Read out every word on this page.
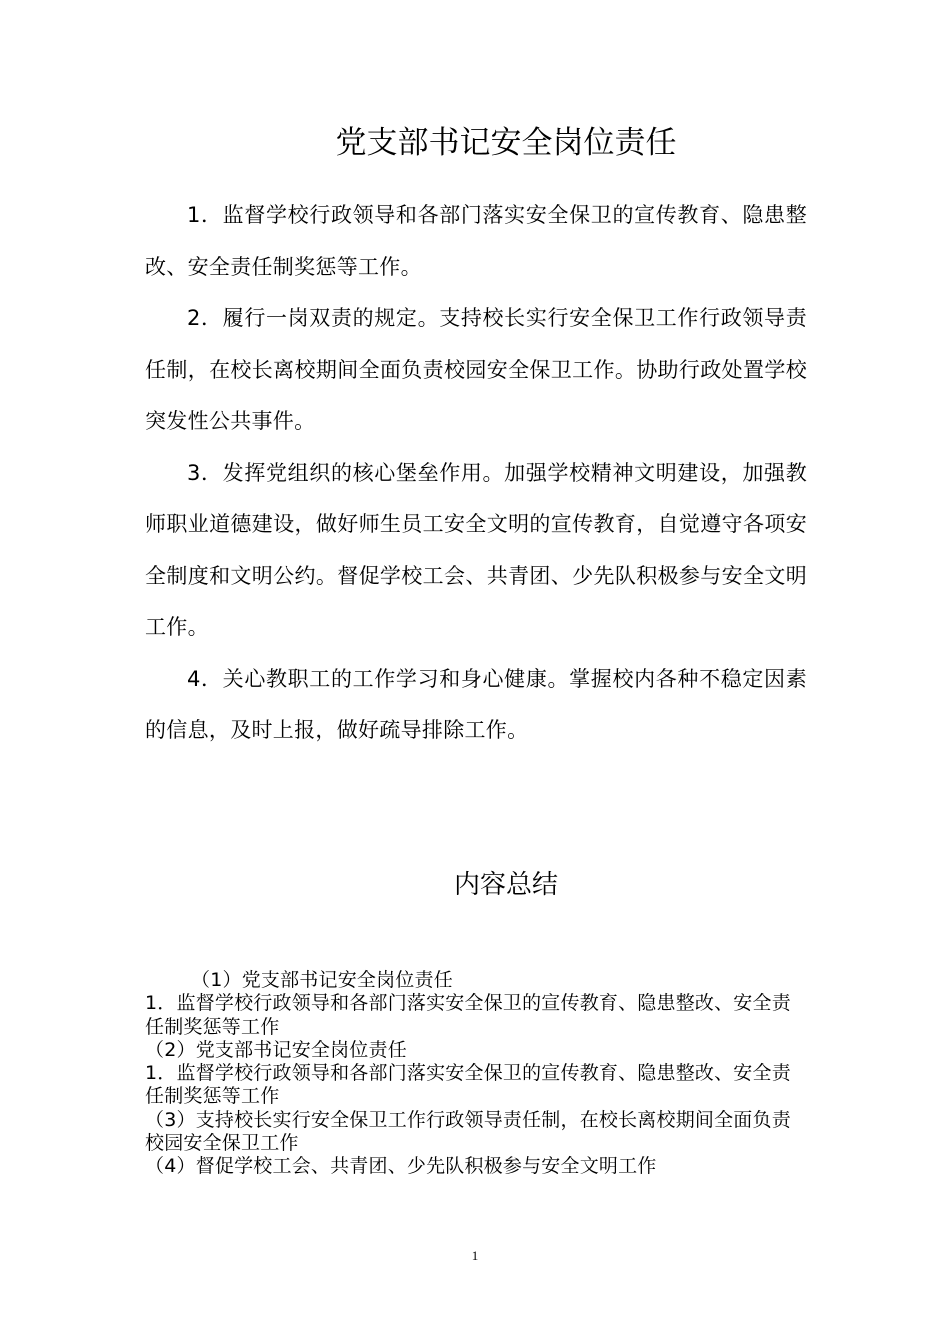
党支部书记安全岗位责任

1．监督学校行政领导和各部门落实安全保卫的宣传教育、隐患整改、安全责任制奖惩等工作。

2．履行一岗双责的规定。支持校长实行安全保卫工作行政领导责任制，在校长离校期间全面负责校园安全保卫工作。协助行政处置学校突发性公共事件。

3．发挥党组织的核心堡垒作用。加强学校精神文明建设，加强教师职业道德建设，做好师生员工安全文明的宣传教育，自觉遵守各项安全制度和文明公约。督促学校工会、共青团、少先队积极参与安全文明工作。

4．关心教职工的工作学习和身心健康。掌握校内各种不稳定因素的信息，及时上报，做好疏导排除工作。

内容总结

（1）党支部书记安全岗位责任

1．监督学校行政领导和各部门落实安全保卫的宣传教育、隐患整改、安全责任制奖惩等工作

（2）党支部书记安全岗位责任

1．监督学校行政领导和各部门落实安全保卫的宣传教育、隐患整改、安全责任制奖惩等工作

（3）支持校长实行安全保卫工作行政领导责任制，在校长离校期间全面负责校园安全保卫工作

（4）督促学校工会、共青团、少先队积极参与安全文明工作

1
